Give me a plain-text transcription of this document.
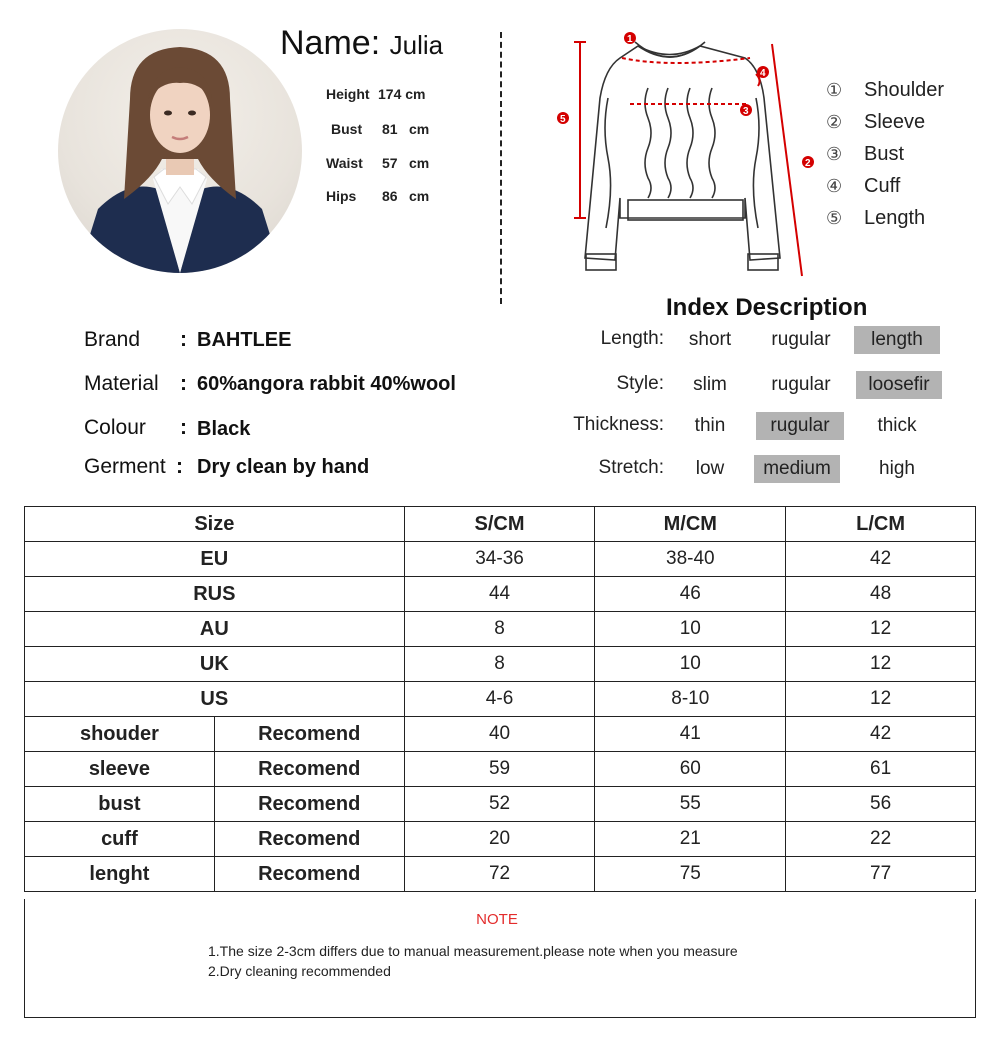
Name: Julia
Height 174 cm
Bust 81 cm
Waist 57 cm
Hips 86 cm
1
2
3
4
5
①	Shoulder
②	Sleeve
③	Bust
④	Cuff
⑤	Length
Brand : BAHTLEE
Material : 60%angora rabbit 40%wool
Colour : Black
Germent : Dry clean by hand
Index Description
Length:	short	rugular	length
Style:	slim	rugular	loosefir
Thickness:	thin	rugular	thick
Stretch:	low	medium	high
Size		S/CM	M/CM	L/CM
EU		34-36	38-40	42
RUS		44	46	48
AU		8	10	12
UK		8	10	12
US		4-6	8-10	12
shouder	Recomend	40	41	42
sleeve	Recomend	59	60	61
bust	Recomend	52	55	56
cuff	Recomend	20	21	22
lenght	Recomend	72	75	77
NOTE
1.The size 2-3cm differs due to manual measurement.please note when you measure
2.Dry cleaning recommended
